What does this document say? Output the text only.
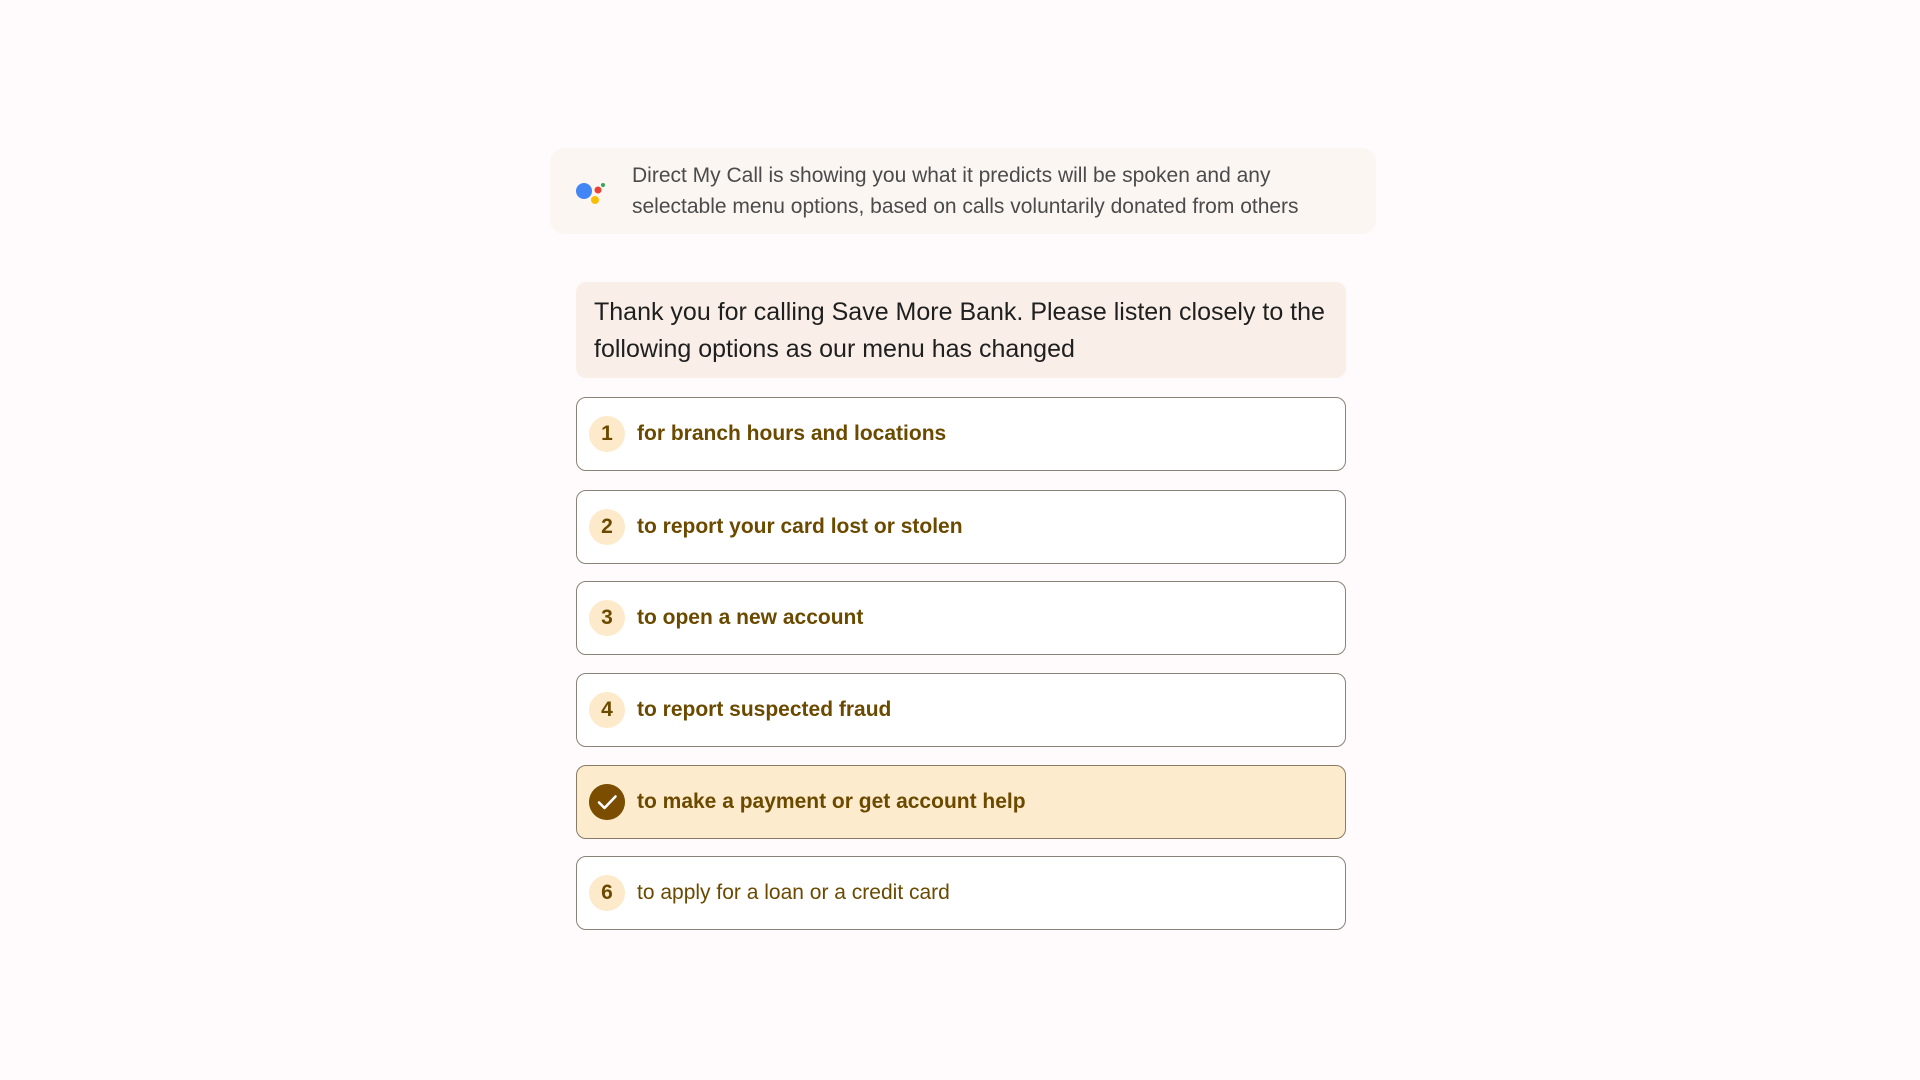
Direct My Call is showing you what it predicts will be spoken and any selectable menu options, based on calls voluntarily donated from others
Thank you for calling Save More Bank. Please listen closely to the following options as our menu has changed
1	for branch hours and locations
2	to report your card lost or stolen
3	to open a new account
4	to report suspected fraud
to make a payment or get account help
6	to apply for a loan or a credit card
